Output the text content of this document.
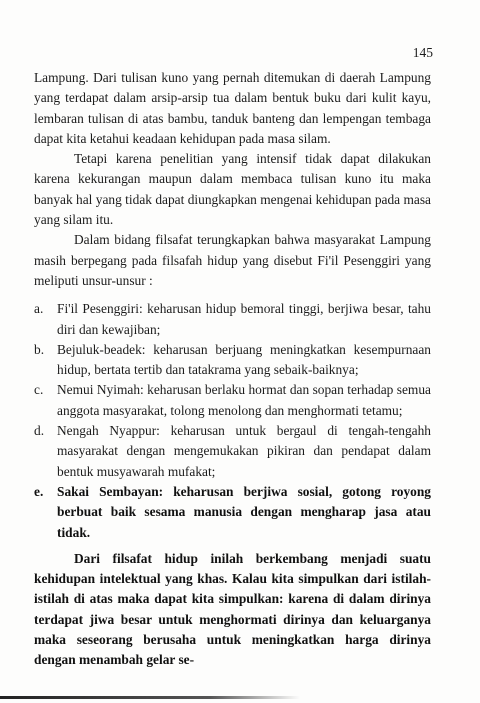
145

Lampung. Dari tulisan kuno yang pernah ditemukan di daerah Lampung yang terdapat dalam arsip-arsip tua dalam bentuk buku dari kulit kayu, lembaran tulisan di atas bambu, tanduk banteng dan lempengan tembaga dapat kita ketahui keadaan kehidupan pada masa silam.

Tetapi karena penelitian yang intensif tidak dapat dilakukan karena kekurangan maupun dalam membaca tulisan kuno itu maka banyak hal yang tidak dapat diungkapkan mengenai kehidupan pada masa yang silam itu.

Dalam bidang filsafat terungkapkan bahwa masyarakat Lampung masih berpegang pada filsafah hidup yang disebut Fi'il Pesenggiri yang meliputi unsur-unsur :

a. Fi'il Pesenggiri: keharusan hidup bemoral tinggi, berjiwa besar, tahu diri dan kewajiban;
b. Bejuluk-beadek: keharusan berjuang meningkatkan kesempurnaan hidup, bertata tertib dan tatakrama yang sebaik-baiknya;
c. Nemui Nyimah: keharusan berlaku hormat dan sopan terhadap semua anggota masyarakat, tolong menolong dan menghormati tetamu;
d. Nengah Nyappur: keharusan untuk bergaul di tengah-tengahh masyarakat dengan mengemukakan pikiran dan pendapat dalam bentuk musyawarah mufakat;
e. Sakai Sembayan: keharusan berjiwa sosial, gotong royong berbuat baik sesama manusia dengan mengharap jasa atau tidak.

Dari filsafat hidup inilah berkembang menjadi suatu kehidupan intelektual yang khas. Kalau kita simpulkan dari istilah-istilah di atas maka dapat kita simpulkan: karena di dalam dirinya terdapat jiwa besar untuk menghormati dirinya dan keluarganya maka seseorang berusaha untuk meningkatkan harga dirinya dengan menambah gelar se-
